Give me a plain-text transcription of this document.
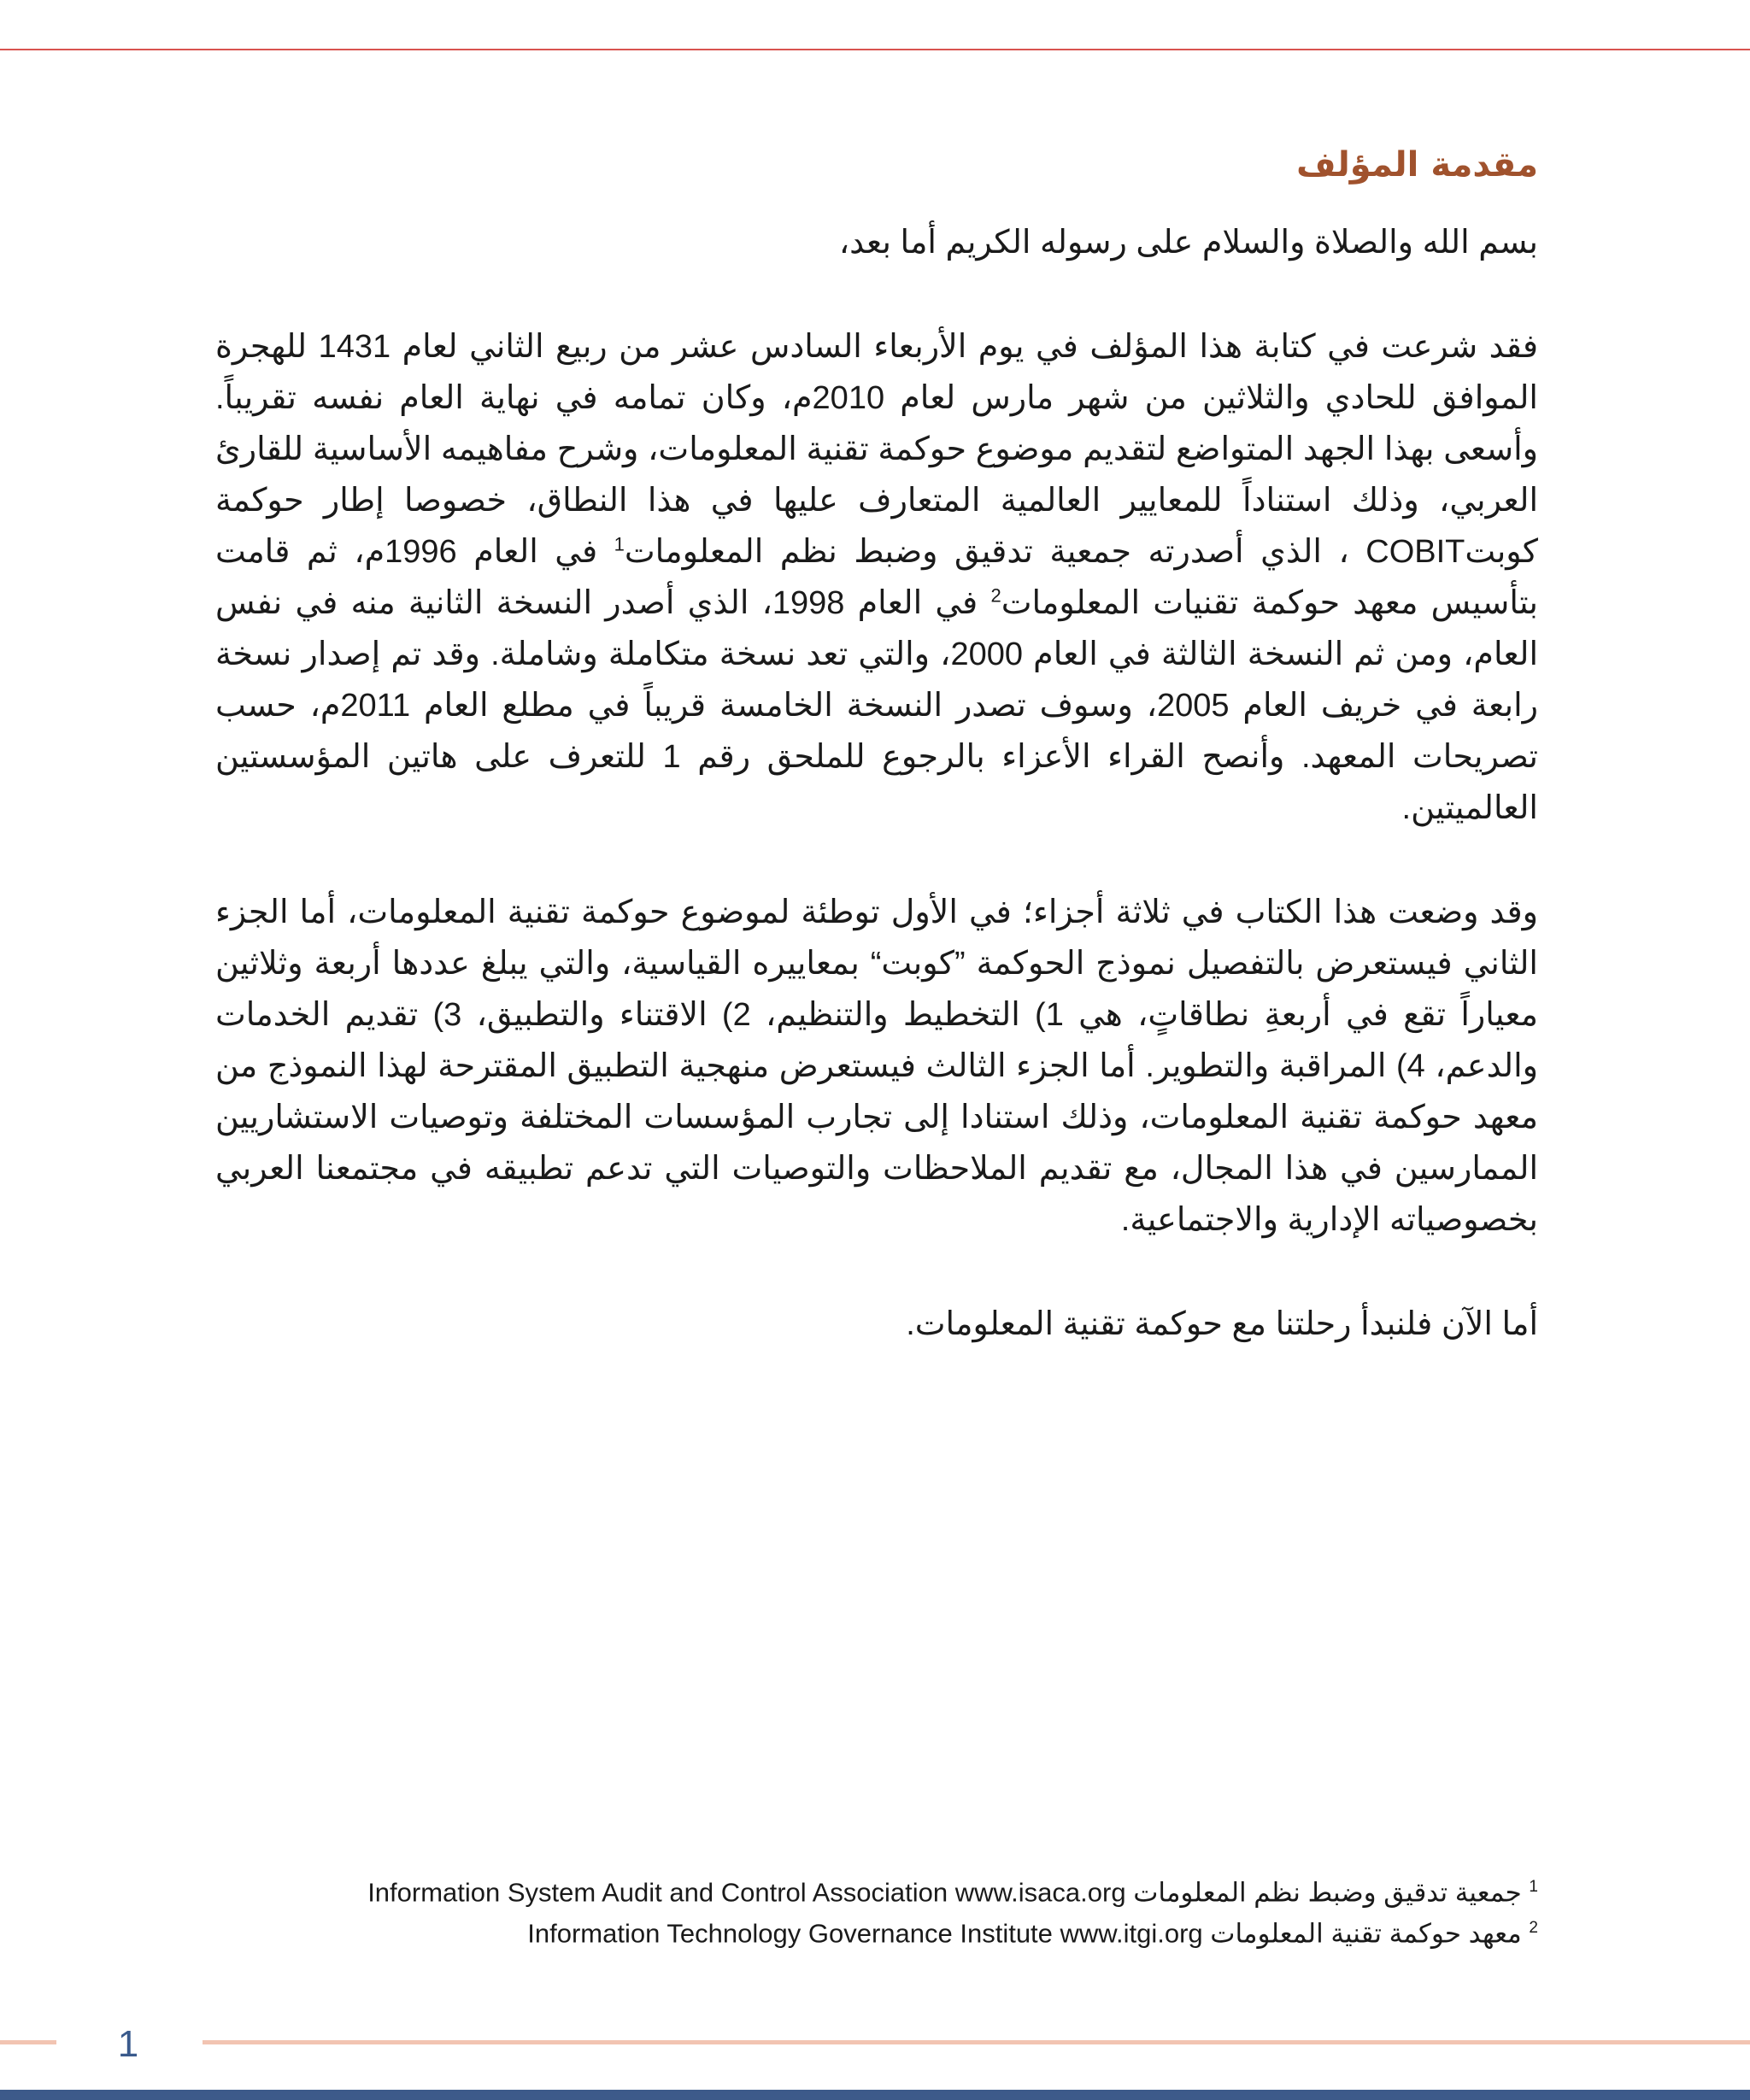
مقدمة المؤلف

بسم الله والصلاة والسلام على رسوله الكريم أما بعد،

فقد شرعت في كتابة هذا المؤلف في يوم الأربعاء السادس عشر من ربيع الثاني لعام 1431 للهجرة الموافق للحادي والثلاثين من شهر مارس لعام 2010م، وكان تمامه في نهاية العام نفسه تقريباً. وأسعى بهذا الجهد المتواضع لتقديم موضوع حوكمة تقنية المعلومات، وشرح مفاهيمه الأساسية للقارئ العربي، وذلك استناداً للمعايير العالمية المتعارف عليها في هذا النطاق، خصوصا إطار حوكمة كوبتCOBIT ، الذي أصدرته جمعية تدقيق وضبط نظم المعلومات$^1$ في العام 1996م، ثم قامت بتأسيس معهد حوكمة تقنيات المعلومات$^2$ في العام 1998، الذي أصدر النسخة الثانية منه في نفس العام، ومن ثم النسخة الثالثة في العام 2000، والتي تعد نسخة متكاملة وشاملة. وقد تم إصدار نسخة رابعة في خريف العام 2005، وسوف تصدر النسخة الخامسة قريباً في مطلع العام 2011م، حسب تصريحات المعهد. وأنصح القراء الأعزاء بالرجوع للملحق رقم 1 للتعرف على هاتين المؤسستين العالميتين.

وقد وضعت هذا الكتاب في ثلاثة أجزاء؛ في الأول توطئة لموضوع حوكمة تقنية المعلومات، أما الجزء الثاني فيستعرض بالتفصيل نموذج الحوكمة ”كوبت“ بمعاييره القياسية، والتي يبلغ عددها أربعة وثلاثين معياراً تقع في أربعةِ نطاقاتٍ، هي 1) التخطيط والتنظيم، 2) الاقتناء والتطبيق، 3) تقديم الخدمات والدعم، 4) المراقبة والتطوير. أما الجزء الثالث فيستعرض منهجية التطبيق المقترحة لهذا النموذج من معهد حوكمة تقنية المعلومات، وذلك استنادا إلى تجارب المؤسسات المختلفة وتوصيات الاستشاريين الممارسين في هذا المجال، مع تقديم الملاحظات والتوصيات التي تدعم تطبيقه في مجتمعنا العربي بخصوصياته الإدارية والاجتماعية.

أما الآن فلنبدأ رحلتنا مع حوكمة تقنية المعلومات.

$^1$ جمعية تدقيق وضبط نظم المعلومات Information System Audit and Control Association www.isaca.org
$^2$ معهد حوكمة تقنية المعلومات Information Technology Governance Institute www.itgi.org
1
